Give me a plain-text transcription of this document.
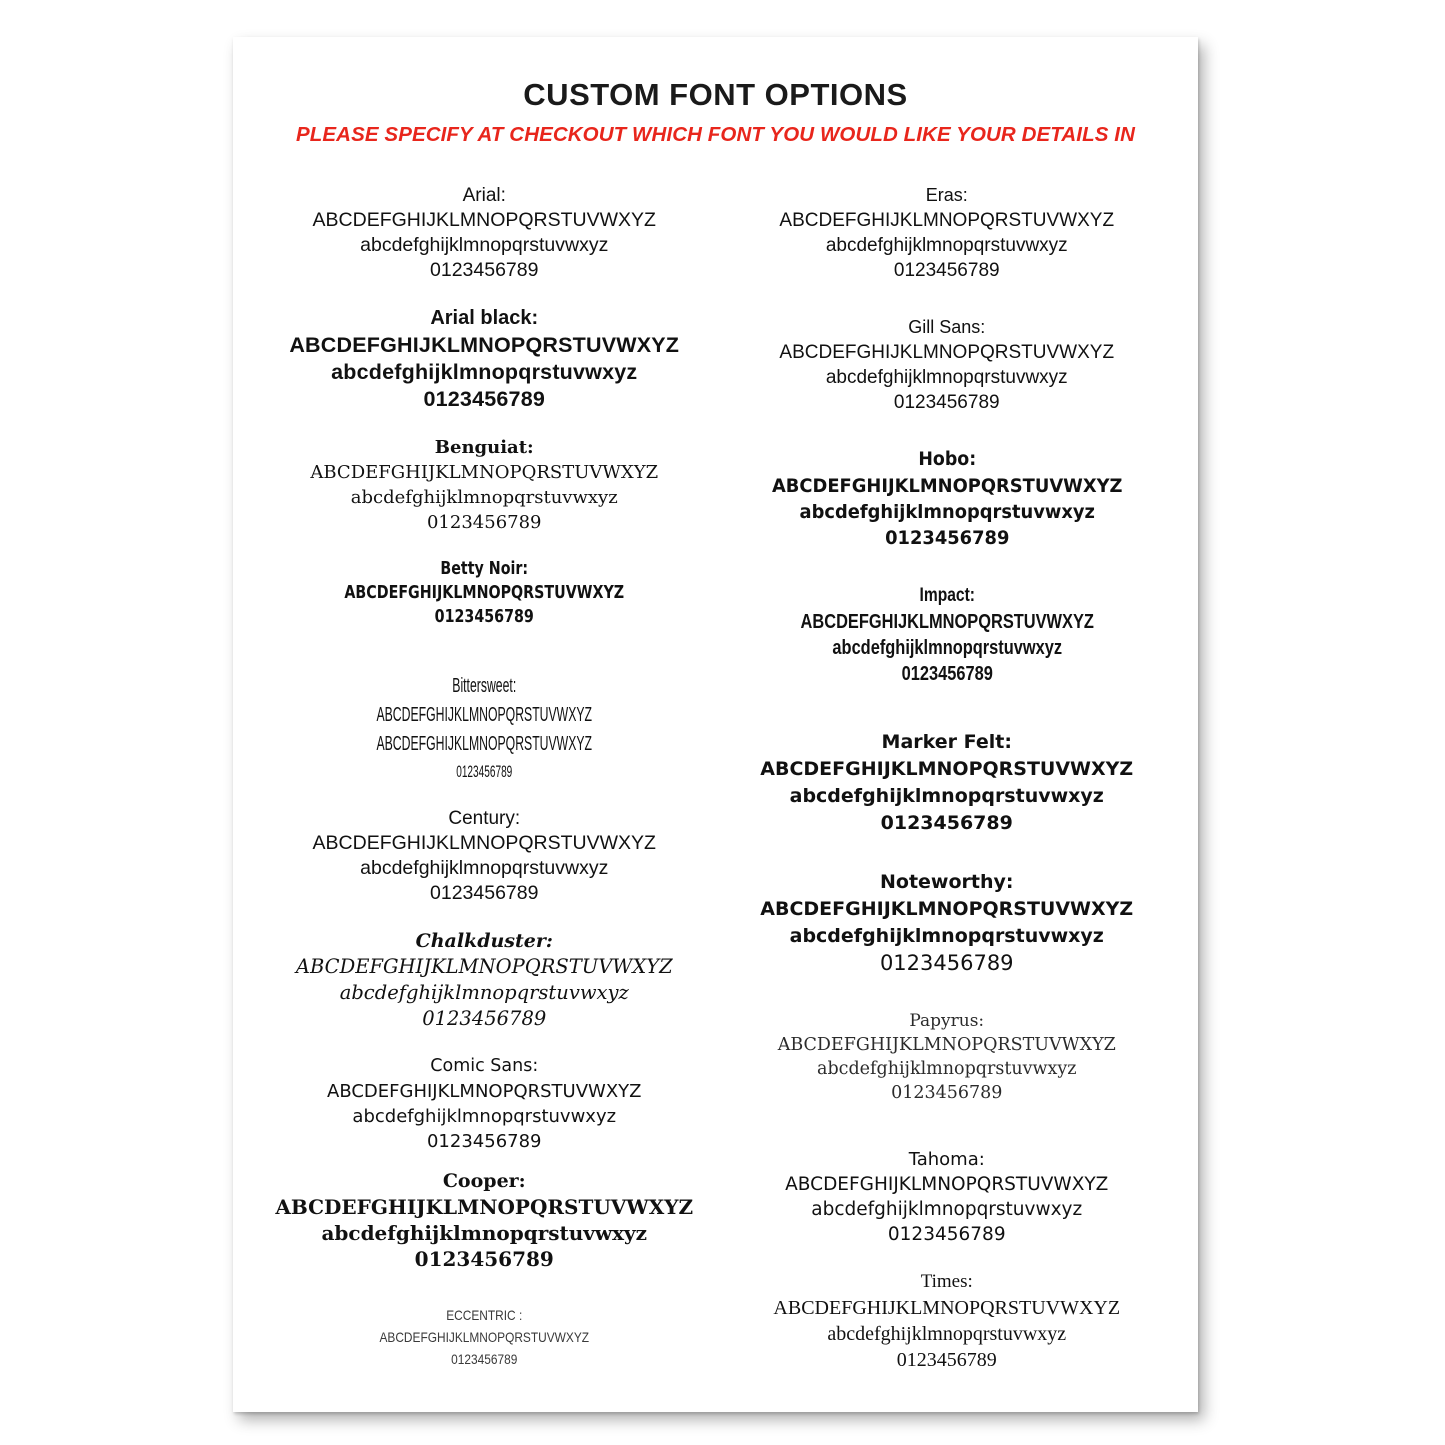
CUSTOM FONT OPTIONS
PLEASE SPECIFY AT CHECKOUT WHICH FONT YOU WOULD LIKE YOUR DETAILS IN
Arial:
ABCDEFGHIJKLMNOPQRSTUVWXYZ
abcdefghijklmnopqrstuvwxyz
0123456789
Arial black:
ABCDEFGHIJKLMNOPQRSTUVWXYZ
abcdefghijklmnopqrstuvwxyz
0123456789
Benguiat:
ABCDEFGHIJKLMNOPQRSTUVWXYZ
abcdefghijklmnopqrstuvwxyz
0123456789
Betty Noir:
ABCDEFGHIJKLMNOPQRSTUVWXYZ
0123456789
Bittersweet:
ABCDEFGHIJKLMNOPQRSTUVWXYZ
ABCDEFGHIJKLMNOPQRSTUVWXYZ
0123456789
Century:
ABCDEFGHIJKLMNOPQRSTUVWXYZ
abcdefghijklmnopqrstuvwxyz
0123456789
Chalkduster:
ABCDEFGHIJKLMNOPQRSTUVWXYZ
abcdefghijklmnopqrstuvwxyz
0123456789
Comic Sans:
ABCDEFGHIJKLMNOPQRSTUVWXYZ
abcdefghijklmnopqrstuvwxyz
0123456789
Cooper:
ABCDEFGHIJKLMNOPQRSTUVWXYZ
abcdefghijklmnopqrstuvwxyz
0123456789
ECCENTRIC :
ABCDEFGHIJKLMNOPQRSTUVWXYZ
0123456789
Eras:
ABCDEFGHIJKLMNOPQRSTUVWXYZ
abcdefghijklmnopqrstuvwxyz
0123456789
Gill Sans:
ABCDEFGHIJKLMNOPQRSTUVWXYZ
abcdefghijklmnopqrstuvwxyz
0123456789
Hobo:
ABCDEFGHIJKLMNOPQRSTUVWXYZ
abcdefghijklmnopqrstuvwxyz
0123456789
Impact:
ABCDEFGHIJKLMNOPQRSTUVWXYZ
abcdefghijklmnopqrstuvwxyz
0123456789
Marker Felt:
ABCDEFGHIJKLMNOPQRSTUVWXYZ
abcdefghijklmnopqrstuvwxyz
0123456789
Noteworthy:
ABCDEFGHIJKLMNOPQRSTUVWXYZ
abcdefghijklmnopqrstuvwxyz
0123456789
Papyrus:
ABCDEFGHIJKLMNOPQRSTUVWXYZ
abcdefghijklmnopqrstuvwxyz
0123456789
Tahoma:
ABCDEFGHIJKLMNOPQRSTUVWXYZ
abcdefghijklmnopqrstuvwxyz
0123456789
Times:
ABCDEFGHIJKLMNOPQRSTUVWXYZ
abcdefghijklmnopqrstuvwxyz
0123456789
